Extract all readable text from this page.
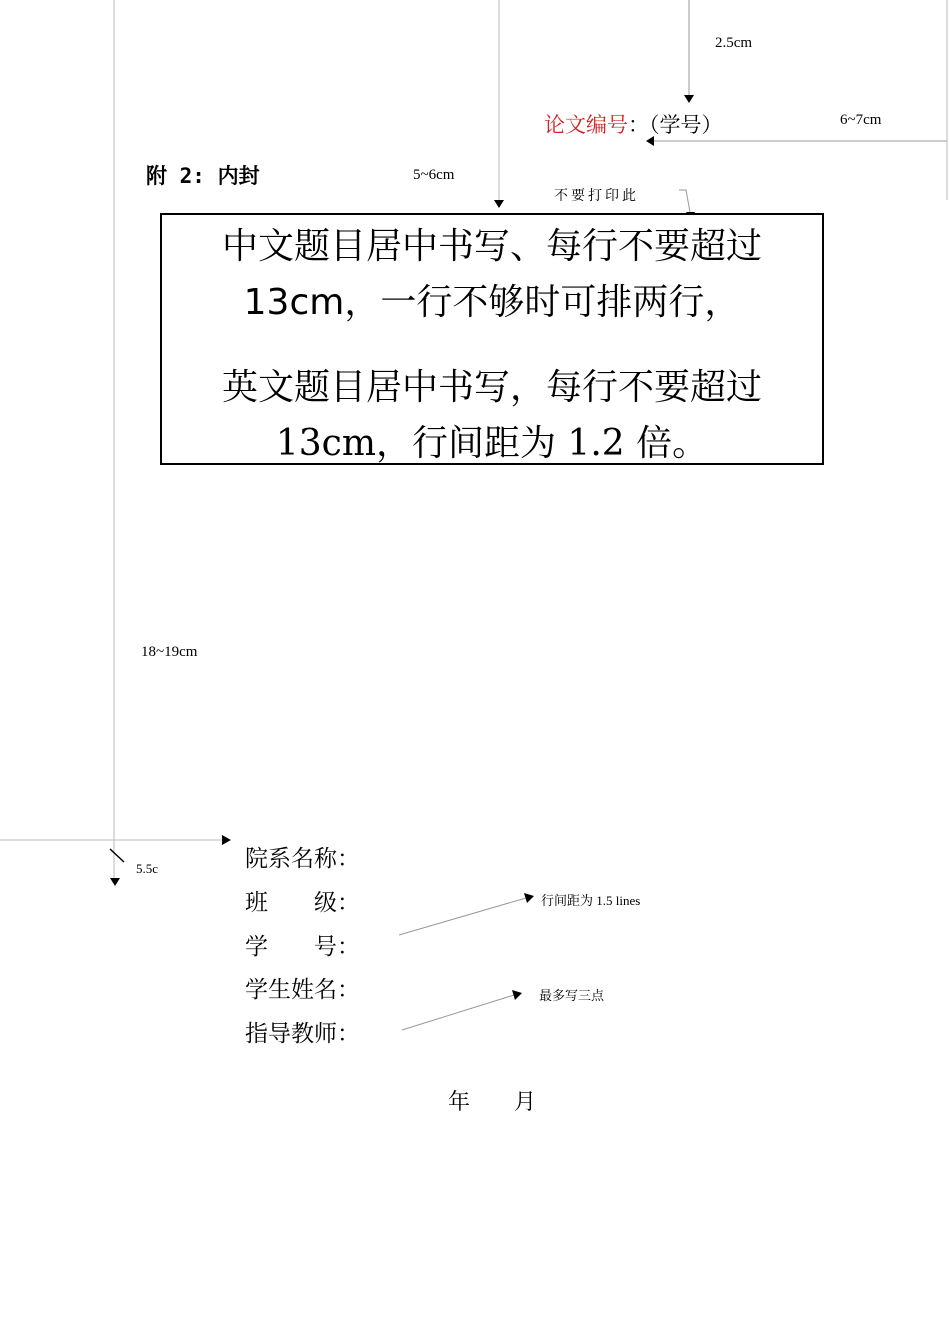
2.5cm
6~7cm
5~6cm
不要打印此
18~19cm
5.5c
行间距为 1.5 lines
最多写三点
论文编号：（学号）
附 2: 内封
中文题目居中书写、每行不要超过
13cm，一行不够时可排两行，
英文题目居中书写，每行不要超过
13cm，行间距为 1.2 倍。
院系名称：
班　　级：
学　　号：
学生姓名：
指导教师：
年　　月
